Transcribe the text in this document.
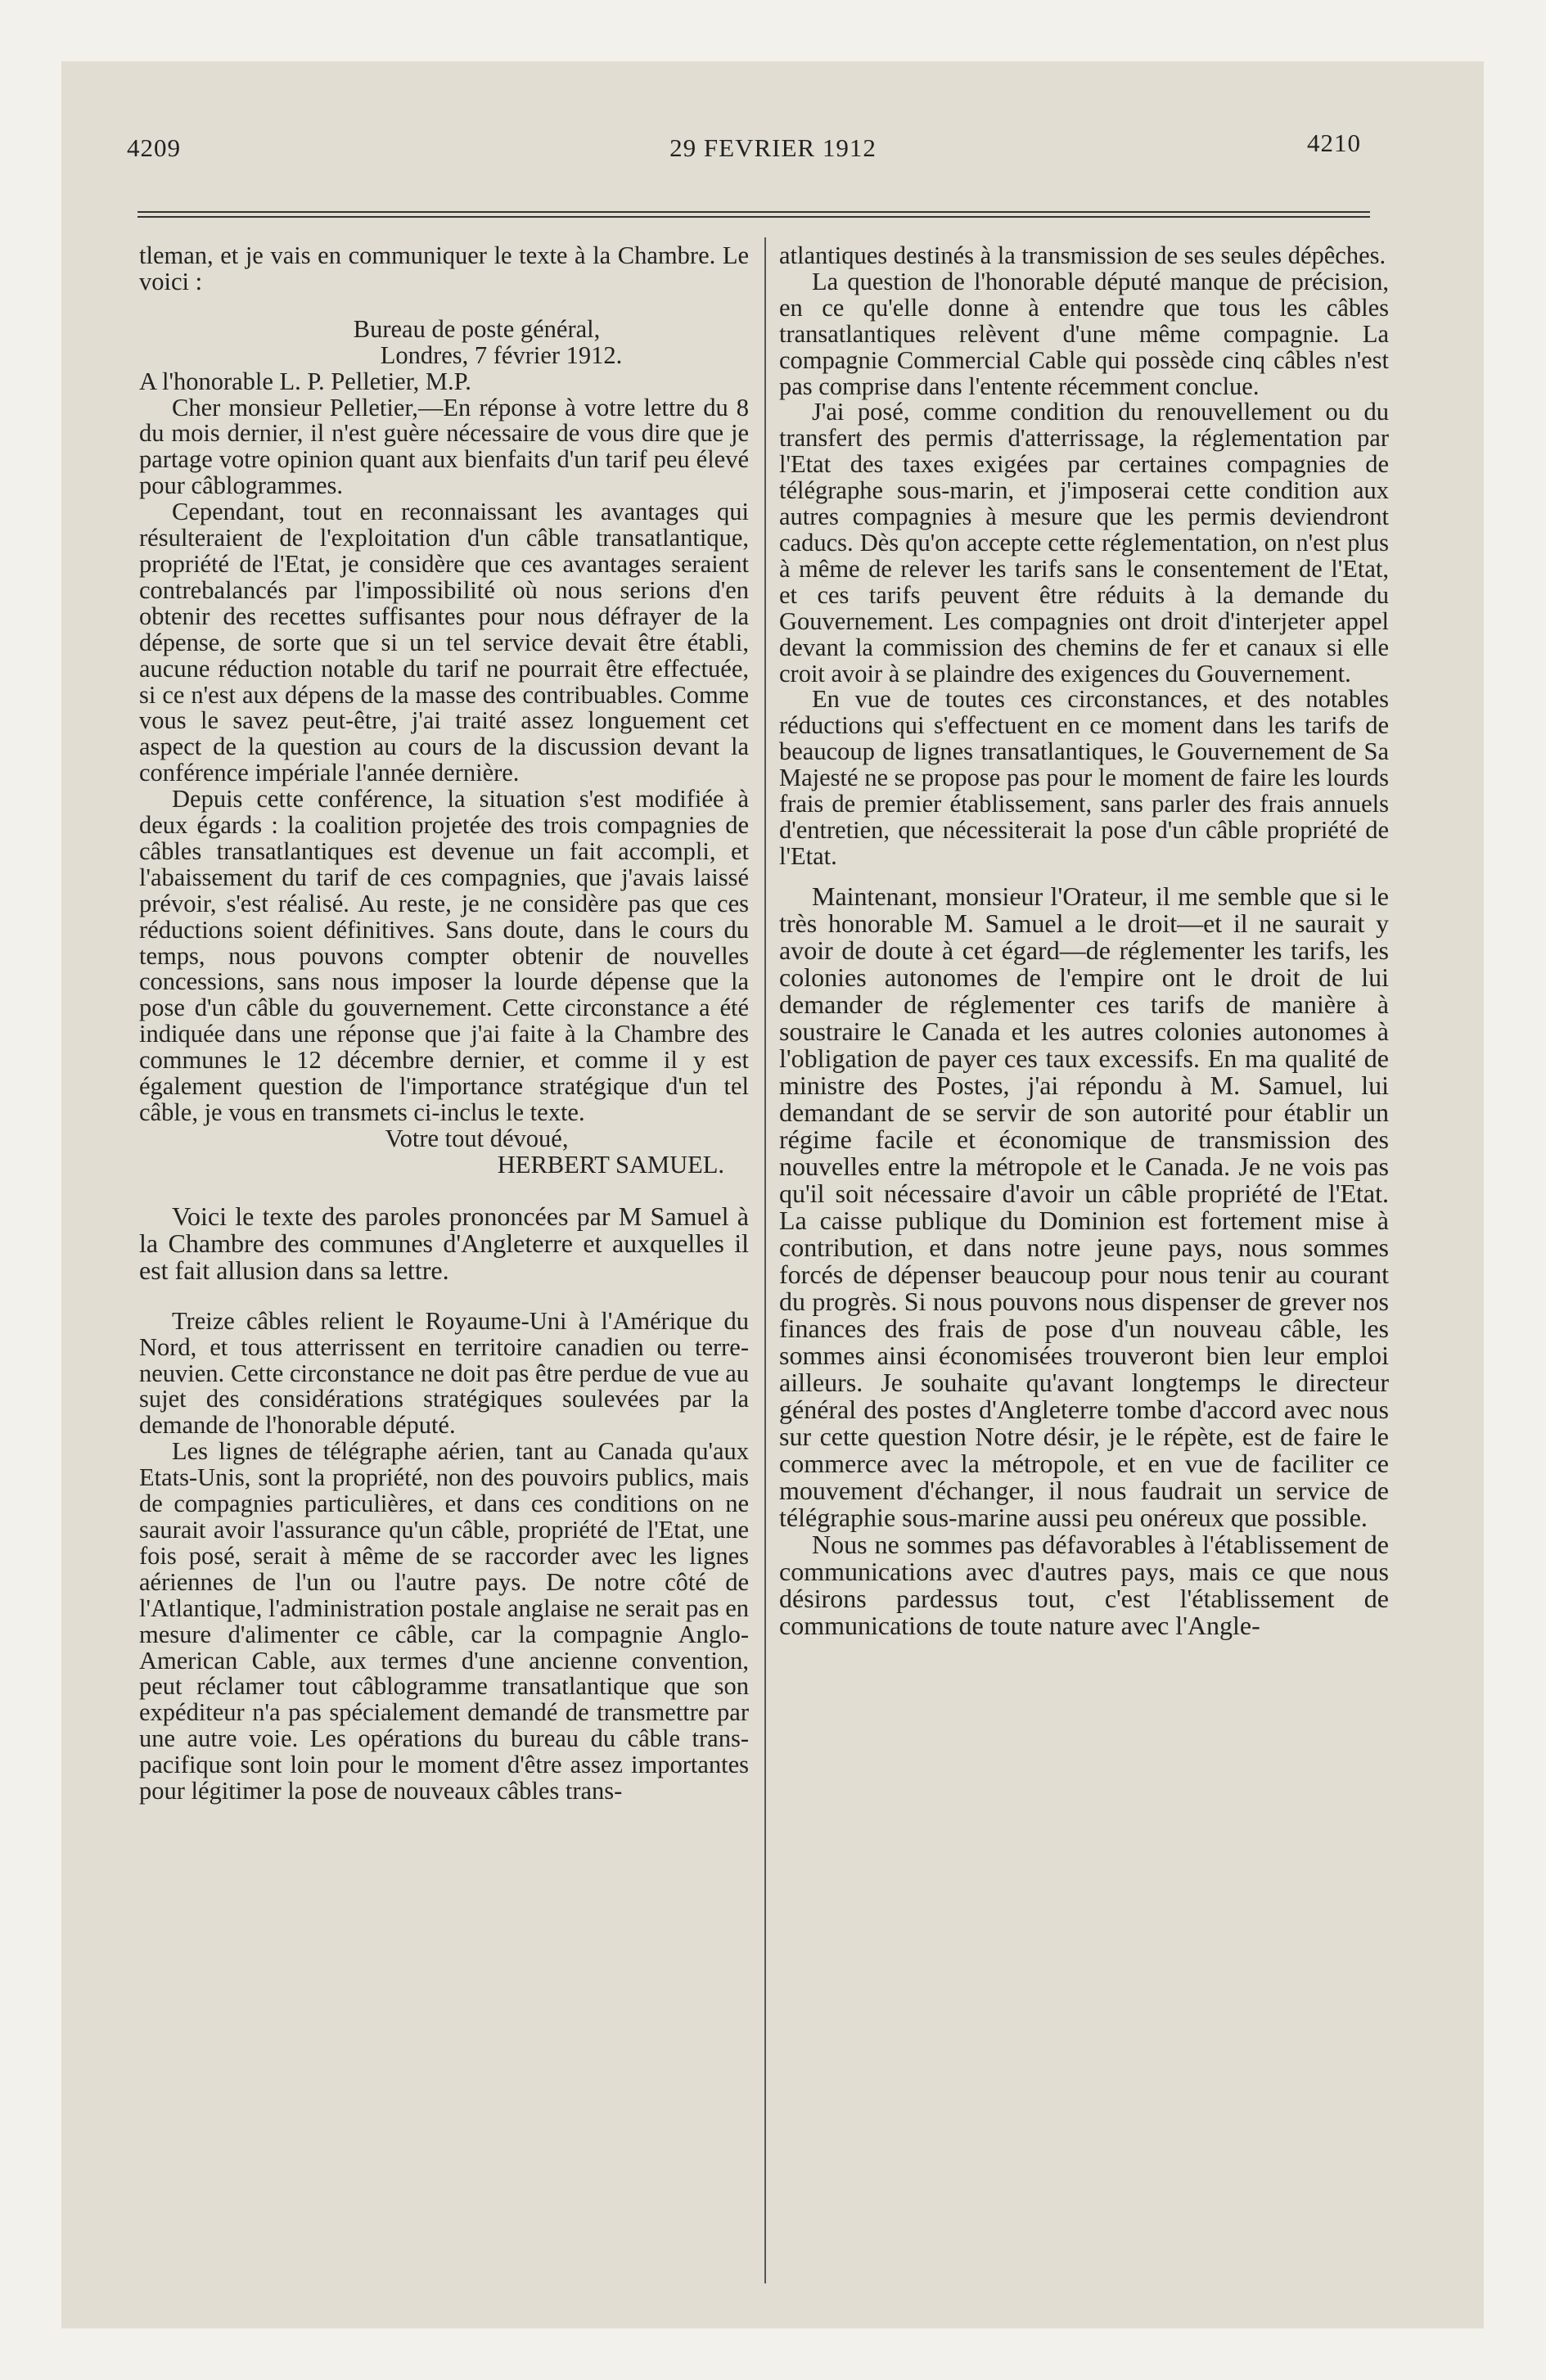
4209	29 FEVRIER 1912	4210

tleman, et je vais en communiquer le texte à la Chambre. Le voici :

Bureau de poste général,

Londres, 7 février 1912.

A l'honorable L. P. Pelletier, M.P.

Cher monsieur Pelletier,—En réponse à votre lettre du 8 du mois dernier, il n'est guère nécessaire de vous dire que je partage votre opinion quant aux bienfaits d'un tarif peu élevé pour câblogrammes.

Cependant, tout en reconnaissant les avantages qui résulteraient de l'exploitation d'un câble transatlantique, propriété de l'Etat, je considère que ces avantages seraient contrebalancés par l'impossibilité où nous serions d'en obtenir des recettes suffisantes pour nous défrayer de la dépense, de sorte que si un tel service devait être établi, aucune réduction notable du tarif ne pourrait être effectuée, si ce n'est aux dépens de la masse des contribuables. Comme vous le savez peut-être, j'ai traité assez longuement cet aspect de la question au cours de la discussion devant la conférence impériale l'année dernière.

Depuis cette conférence, la situation s'est modifiée à deux égards : la coalition projetée des trois compagnies de câbles transatlantiques est devenue un fait accompli, et l'abaissement du tarif de ces compagnies, que j'avais laissé prévoir, s'est réalisé. Au reste, je ne considère pas que ces réductions soient définitives. Sans doute, dans le cours du temps, nous pouvons compter obtenir de nouvelles concessions, sans nous imposer la lourde dépense que la pose d'un câble du gouvernement. Cette circonstance a été indiquée dans une réponse que j'ai faite à la Chambre des communes le 12 décembre dernier, et comme il y est également question de l'importance stratégique d'un tel câble, je vous en transmets ci-inclus le texte.

Votre tout dévoué,

HERBERT SAMUEL.

Voici le texte des paroles prononcées par M Samuel à la Chambre des communes d'Angleterre et auxquelles il est fait allusion dans sa lettre.

Treize câbles relient le Royaume-Uni à l'Amérique du Nord, et tous atterrissent en territoire canadien ou terre-neuvien. Cette circonstance ne doit pas être perdue de vue au sujet des considérations stratégiques soulevées par la demande de l'honorable député.

Les lignes de télégraphe aérien, tant au Canada qu'aux Etats-Unis, sont la propriété, non des pouvoirs publics, mais de compagnies particulières, et dans ces conditions on ne saurait avoir l'assurance qu'un câble, propriété de l'Etat, une fois posé, serait à même de se raccorder avec les lignes aériennes de l'un ou l'autre pays. De notre côté de l'Atlantique, l'administration postale anglaise ne serait pas en mesure d'alimenter ce câble, car la compagnie Anglo-American Cable, aux termes d'une ancienne convention, peut réclamer tout câblogramme transatlantique que son expéditeur n'a pas spécialement demandé de transmettre par une autre voie. Les opérations du bureau du câble trans-pacifique sont loin pour le moment d'être assez importantes pour légitimer la pose de nouveaux câbles trans-

atlantiques destinés à la transmission de ses seules dépêches.

La question de l'honorable député manque de précision, en ce qu'elle donne à entendre que tous les câbles transatlantiques relèvent d'une même compagnie. La compagnie Commercial Cable qui possède cinq câbles n'est pas comprise dans l'entente récemment conclue.

J'ai posé, comme condition du renouvellement ou du transfert des permis d'atterrissage, la réglementation par l'Etat des taxes exigées par certaines compagnies de télégraphe sous-marin, et j'imposerai cette condition aux autres compagnies à mesure que les permis deviendront caducs. Dès qu'on accepte cette réglementation, on n'est plus à même de relever les tarifs sans le consentement de l'Etat, et ces tarifs peuvent être réduits à la demande du Gouvernement. Les compagnies ont droit d'interjeter appel devant la commission des chemins de fer et canaux si elle croit avoir à se plaindre des exigences du Gouvernement.

En vue de toutes ces circonstances, et des notables réductions qui s'effectuent en ce moment dans les tarifs de beaucoup de lignes transatlantiques, le Gouvernement de Sa Majesté ne se propose pas pour le moment de faire les lourds frais de premier établissement, sans parler des frais annuels d'entretien, que nécessiterait la pose d'un câble propriété de l'Etat.

Maintenant, monsieur l'Orateur, il me semble que si le très honorable M. Samuel a le droit—et il ne saurait y avoir de doute à cet égard—de réglementer les tarifs, les colonies autonomes de l'empire ont le droit de lui demander de réglementer ces tarifs de manière à soustraire le Canada et les autres colonies autonomes à l'obligation de payer ces taux excessifs. En ma qualité de ministre des Postes, j'ai répondu à M. Samuel, lui demandant de se servir de son autorité pour établir un régime facile et économique de transmission des nouvelles entre la métropole et le Canada. Je ne vois pas qu'il soit nécessaire d'avoir un câble propriété de l'Etat. La caisse publique du Dominion est fortement mise à contribution, et dans notre jeune pays, nous sommes forcés de dépenser beaucoup pour nous tenir au courant du progrès. Si nous pouvons nous dispenser de grever nos finances des frais de pose d'un nouveau câble, les sommes ainsi économisées trouveront bien leur emploi ailleurs. Je souhaite qu'avant longtemps le directeur général des postes d'Angleterre tombe d'accord avec nous sur cette question Notre désir, je le répète, est de faire le commerce avec la métropole, et en vue de faciliter ce mouvement d'échanger, il nous faudrait un service de télégraphie sous-marine aussi peu onéreux que possible.

Nous ne sommes pas défavorables à l'établissement de communications avec d'autres pays, mais ce que nous désirons pardessus tout, c'est l'établissement de communications de toute nature avec l'Angle-
